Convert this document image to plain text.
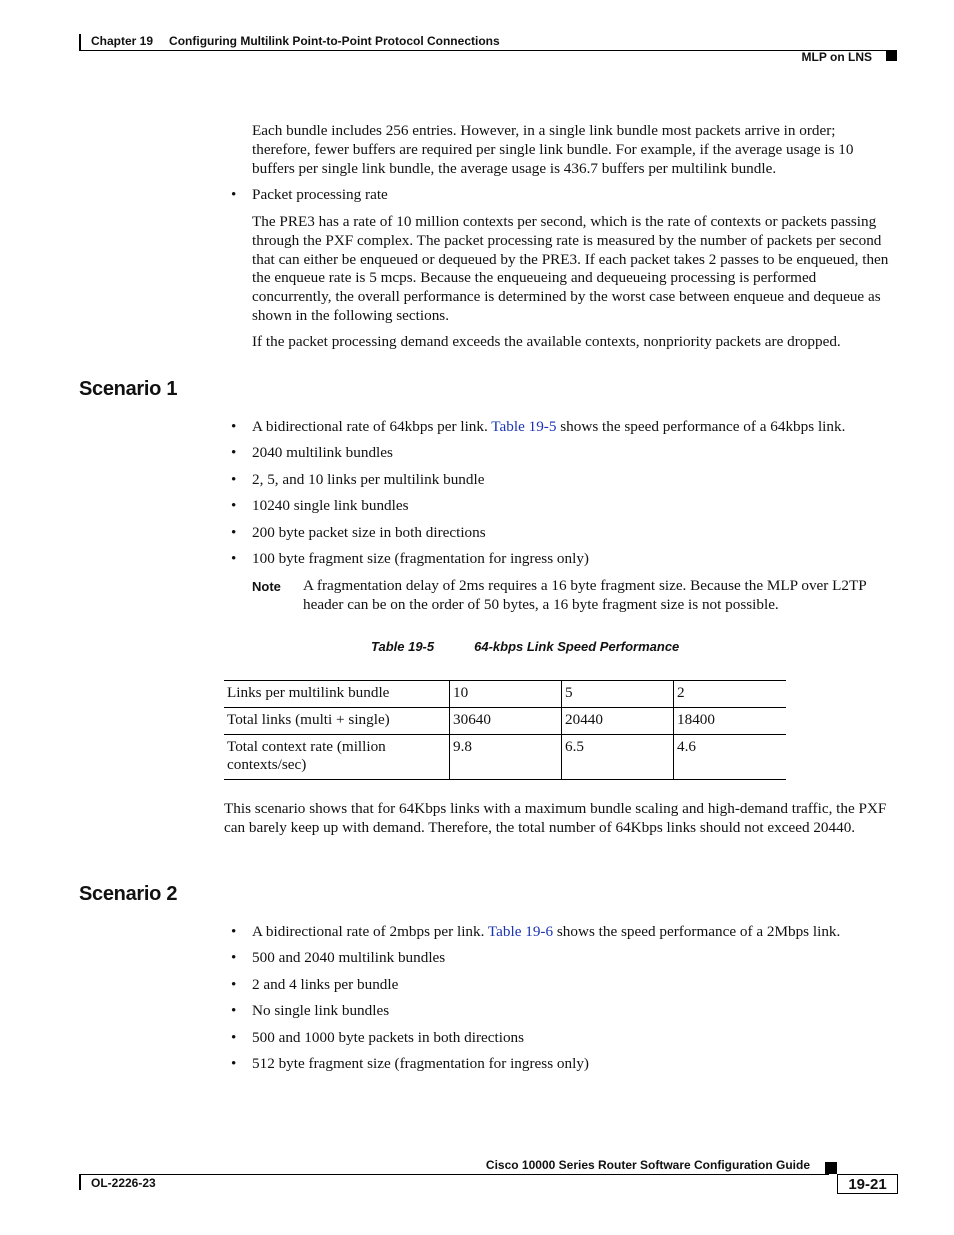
Chapter 19 Configuring Multilink Point-to-Point Protocol Connections
MLP on LNS
Each bundle includes 256 entries. However, in a single link bundle most packets arrive in order; therefore, fewer buffers are required per single link bundle. For example, if the average usage is 10 buffers per single link bundle, the average usage is 436.7 buffers per multilink bundle.
• Packet processing rate
The PRE3 has a rate of 10 million contexts per second, which is the rate of contexts or packets passing through the PXF complex. The packet processing rate is measured by the number of packets per second that can either be enqueued or dequeued by the PRE3. If each packet takes 2 passes to be enqueued, then the enqueue rate is 5 mcps. Because the enqueueing and dequeueing processing is performed concurrently, the overall performance is determined by the worst case between enqueue and dequeue as shown in the following sections.
If the packet processing demand exceeds the available contexts, nonpriority packets are dropped.
Scenario 1
• A bidirectional rate of 64kbps per link. Table 19-5 shows the speed performance of a 64kbps link.
• 2040 multilink bundles
• 2, 5, and 10 links per multilink bundle
• 10240 single link bundles
• 200 byte packet size in both directions
• 100 byte fragment size (fragmentation for ingress only)
Note A fragmentation delay of 2ms requires a 16 byte fragment size. Because the MLP over L2TP header can be on the order of 50 bytes, a 16 byte fragment size is not possible.
Table 19-5	64-kbps Link Speed Performance
Links per multilink bundle	10	5	2
Total links (multi + single)	30640	20440	18400
Total context rate (million contexts/sec)	9.8	6.5	4.6
This scenario shows that for 64Kbps links with a maximum bundle scaling and high-demand traffic, the PXF can barely keep up with demand. Therefore, the total number of 64Kbps links should not exceed 20440.
Scenario 2
• A bidirectional rate of 2mbps per link. Table 19-6 shows the speed performance of a 2Mbps link.
• 500 and 2040 multilink bundles
• 2 and 4 links per bundle
• No single link bundles
• 500 and 1000 byte packets in both directions
• 512 byte fragment size (fragmentation for ingress only)
Cisco 10000 Series Router Software Configuration Guide
OL-2226-23	19-21
